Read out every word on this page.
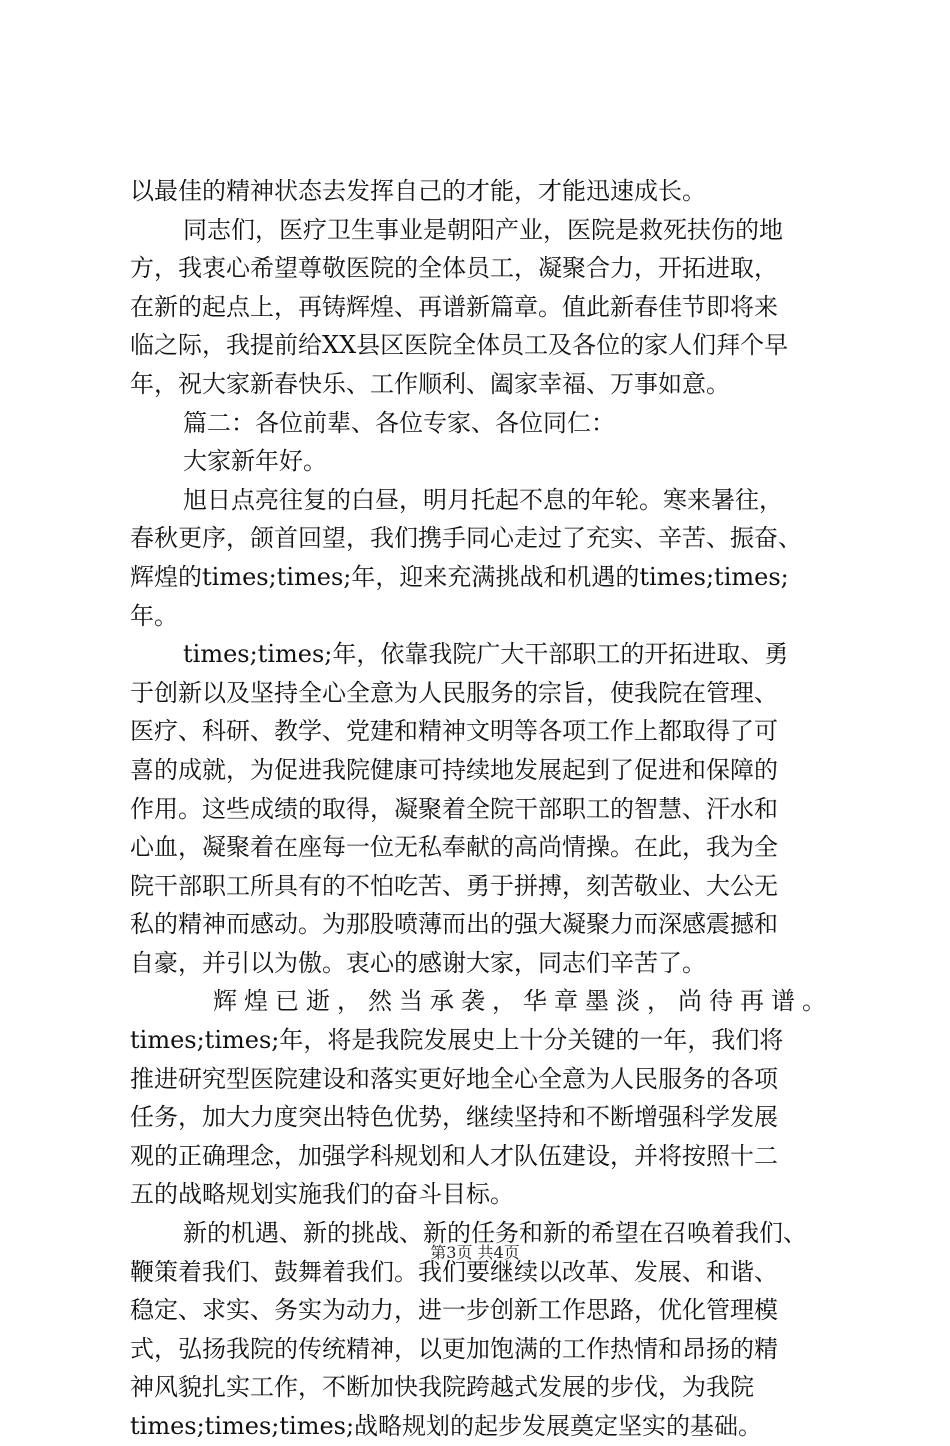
以最佳的精神状态去发挥自己的才能，才能迅速成长。
同志们，医疗卫生事业是朝阳产业，医院是救死扶伤的地
方，我衷心希望尊敬医院的全体员工，凝聚合力，开拓进取，
在新的起点上，再铸辉煌、再谱新篇章。值此新春佳节即将来
临之际，我提前给XX县区医院全体员工及各位的家人们拜个早
年，祝大家新春快乐、工作顺利、阖家幸福、万事如意。
篇二：各位前辈、各位专家、各位同仁：
大家新年好。
旭日点亮往复的白昼，明月托起不息的年轮。寒来暑往，
春秋更序，颌首回望，我们携手同心走过了充实、辛苦、振奋、
辉煌的times;times;年，迎来充满挑战和机遇的times;times;
年。
times;times;年，依靠我院广大干部职工的开拓进取、勇
于创新以及坚持全心全意为人民服务的宗旨，使我院在管理、
医疗、科研、教学、党建和精神文明等各项工作上都取得了可
喜的成就，为促进我院健康可持续地发展起到了促进和保障的
作用。这些成绩的取得，凝聚着全院干部职工的智慧、汗水和
心血，凝聚着在座每一位无私奉献的高尚情操。在此，我为全
院干部职工所具有的不怕吃苦、勇于拼搏，刻苦敬业、大公无
私的精神而感动。为那股喷薄而出的强大凝聚力而深感震撼和
自豪，并引以为傲。衷心的感谢大家，同志们辛苦了。
辉煌已逝，然当承袭，华章墨淡，尚待再谱。
times;times;年，将是我院发展史上十分关键的一年，我们将
推进研究型医院建设和落实更好地全心全意为人民服务的各项
任务，加大力度突出特色优势，继续坚持和不断增强科学发展
观的正确理念，加强学科规划和人才队伍建设，并将按照十二
五的战略规划实施我们的奋斗目标。
新的机遇、新的挑战、新的任务和新的希望在召唤着我们、
鞭策着我们、鼓舞着我们。我们要继续以改革、发展、和谐、
稳定、求实、务实为动力，进一步创新工作思路，优化管理模
式，弘扬我院的传统精神，以更加饱满的工作热情和昂扬的精
神风貌扎实工作，不断加快我院跨越式发展的步伐，为我院
times;times;times;战略规划的起步发展奠定坚实的基础。
第3页 共4页
